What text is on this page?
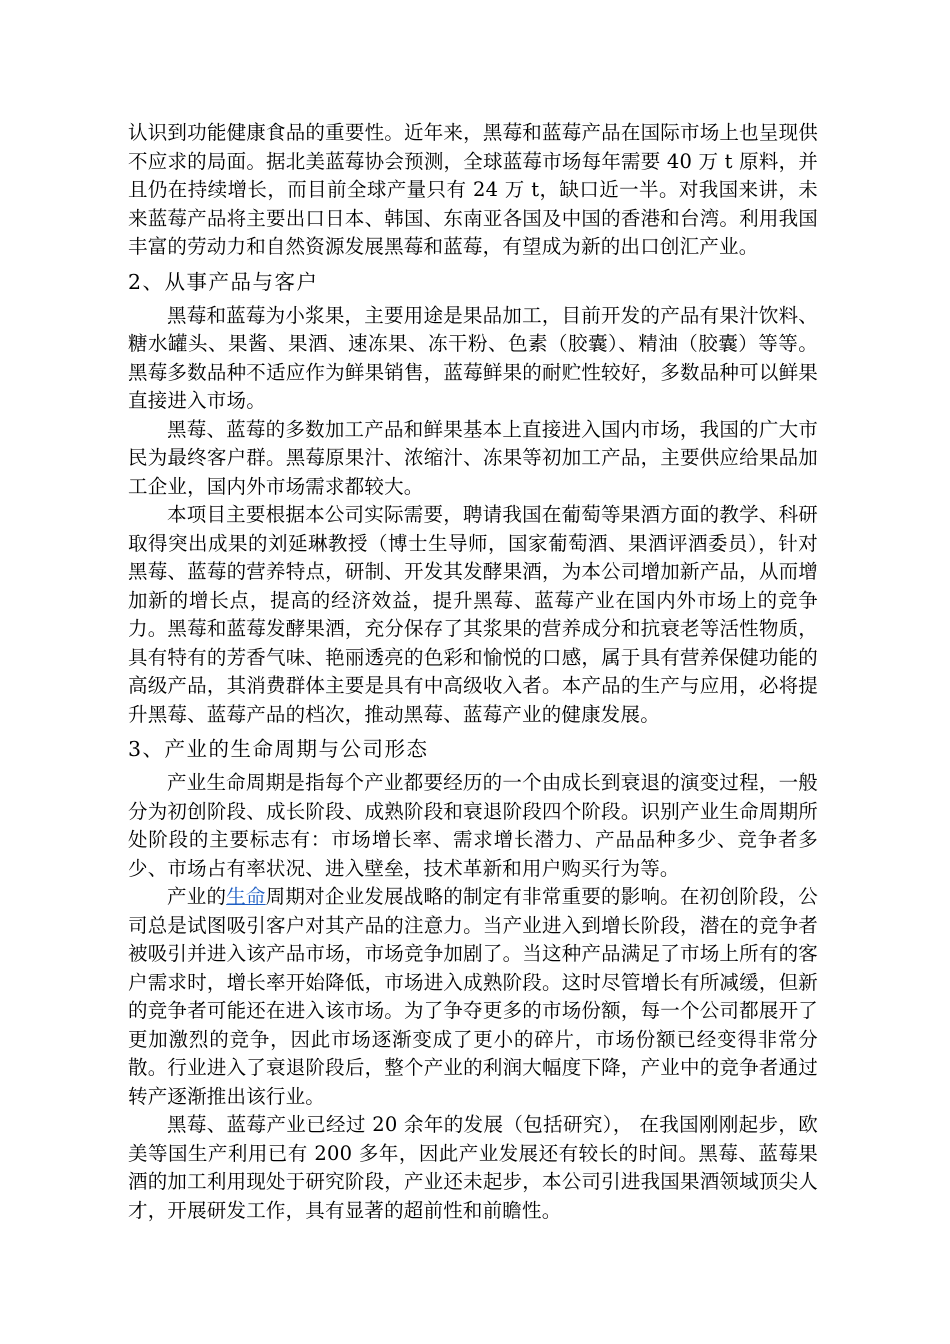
认识到功能健康食品的重要性。近年来，黑莓和蓝莓产品在国际市场上也呈现供不应求的局面。据北美蓝莓协会预测，全球蓝莓市场每年需要 40 万 t 原料，并且仍在持续增长，而目前全球产量只有 24 万 t，缺口近一半。对我国来讲，未来蓝莓产品将主要出口日本、韩国、东南亚各国及中国的香港和台湾。利用我国丰富的劳动力和自然资源发展黑莓和蓝莓，有望成为新的出口创汇产业。

2、从事产品与客户

黑莓和蓝莓为小浆果，主要用途是果品加工，目前开发的产品有果汁饮料、糖水罐头、果酱、果酒、速冻果、冻干粉、色素（胶囊）、精油（胶囊）等等。黑莓多数品种不适应作为鲜果销售，蓝莓鲜果的耐贮性较好，多数品种可以鲜果直接进入市场。

黑莓、蓝莓的多数加工产品和鲜果基本上直接进入国内市场，我国的广大市民为最终客户群。黑莓原果汁、浓缩汁、冻果等初加工产品，主要供应给果品加工企业，国内外市场需求都较大。

本项目主要根据本公司实际需要，聘请我国在葡萄等果酒方面的教学、科研取得突出成果的刘延琳教授（博士生导师，国家葡萄酒、果酒评酒委员），针对黑莓、蓝莓的营养特点，研制、开发其发酵果酒，为本公司增加新产品，从而增加新的增长点，提高的经济效益，提升黑莓、蓝莓产业在国内外市场上的竞争力。黑莓和蓝莓发酵果酒，充分保存了其浆果的营养成分和抗衰老等活性物质，具有特有的芳香气味、艳丽透亮的色彩和愉悦的口感，属于具有营养保健功能的高级产品，其消费群体主要是具有中高级收入者。本产品的生产与应用，必将提升黑莓、蓝莓产品的档次，推动黑莓、蓝莓产业的健康发展。

3、产业的生命周期与公司形态

产业生命周期是指每个产业都要经历的一个由成长到衰退的演变过程，一般分为初创阶段、成长阶段、成熟阶段和衰退阶段四个阶段。识别产业生命周期所处阶段的主要标志有：市场增长率、需求增长潜力、产品品种多少、竞争者多少、市场占有率状况、进入壁垒，技术革新和用户购买行为等。

产业的生命周期对企业发展战略的制定有非常重要的影响。在初创阶段，公司总是试图吸引客户对其产品的注意力。当产业进入到增长阶段，潜在的竞争者被吸引并进入该产品市场，市场竞争加剧了。当这种产品满足了市场上所有的客户需求时，增长率开始降低，市场进入成熟阶段。这时尽管增长有所减缓，但新的竞争者可能还在进入该市场。为了争夺更多的市场份额，每一个公司都展开了更加激烈的竞争，因此市场逐渐变成了更小的碎片，市场份额已经变得非常分散。行业进入了衰退阶段后，整个产业的利润大幅度下降，产业中的竞争者通过转产逐渐推出该行业。

黑莓、蓝莓产业已经过 20 余年的发展（包括研究）， 在我国刚刚起步，欧美等国生产利用已有 200 多年，因此产业发展还有较长的时间。黑莓、蓝莓果酒的加工利用现处于研究阶段，产业还未起步，本公司引进我国果酒领域顶尖人才，开展研发工作，具有显著的超前性和前瞻性。
